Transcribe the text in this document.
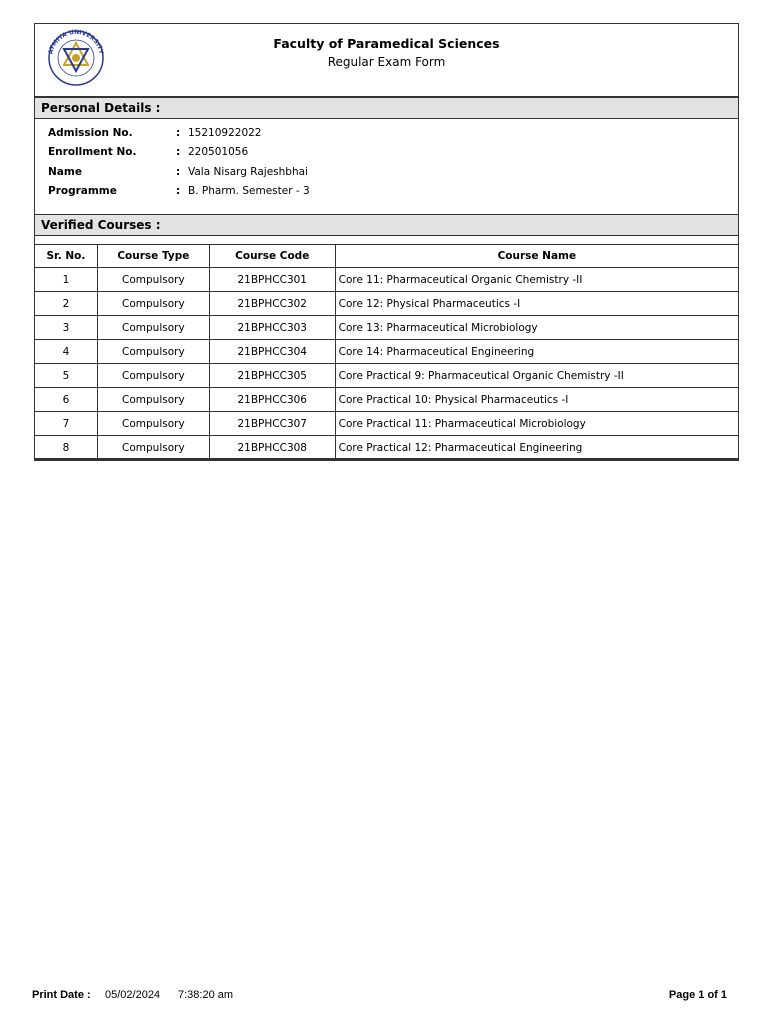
ATMIYA UNIVERSITY
Faculty of Paramedical Sciences
Regular Exam Form
Personal Details :
Admission No.	: 15210922022
Enrollment No.	: 220501056
Name	: Vala Nisarg Rajeshbhai
Programme	: B. Pharm. Semester - 3
Verified Courses :
Sr. No.	Course Type	Course Code	Course Name
1	Compulsory	21BPHCC301	Core 11: Pharmaceutical Organic Chemistry -II
2	Compulsory	21BPHCC302	Core 12: Physical Pharmaceutics -I
3	Compulsory	21BPHCC303	Core 13: Pharmaceutical Microbiology
4	Compulsory	21BPHCC304	Core 14: Pharmaceutical Engineering
5	Compulsory	21BPHCC305	Core Practical 9: Pharmaceutical Organic Chemistry -II
6	Compulsory	21BPHCC306	Core Practical 10: Physical Pharmaceutics -I
7	Compulsory	21BPHCC307	Core Practical 11: Pharmaceutical Microbiology
8	Compulsory	21BPHCC308	Core Practical 12: Pharmaceutical Engineering
Print Date : 05/02/2024 7:38:20 am	Page 1 of 1
